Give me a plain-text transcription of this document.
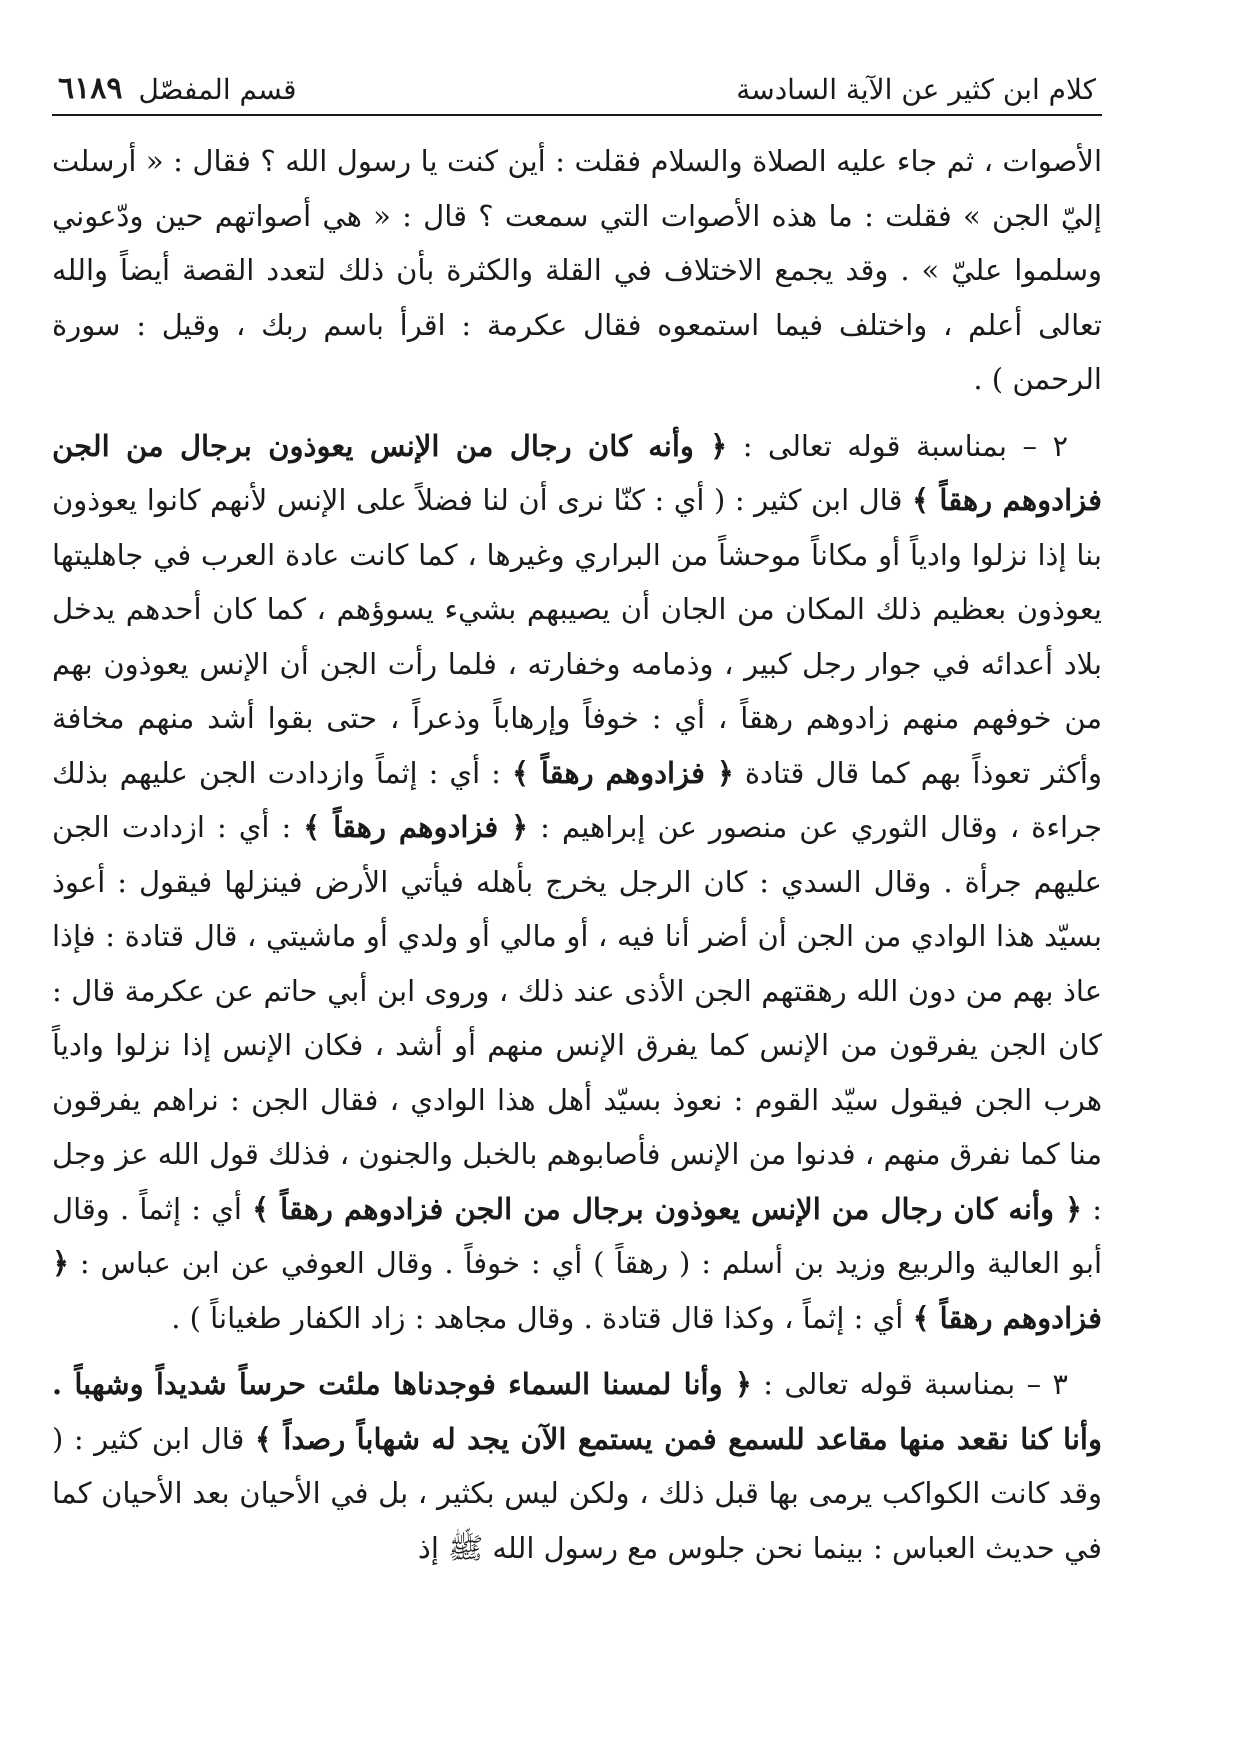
كلام ابن كثير عن الآية السادسة
قسم المفصّل
٦١٨٩

الأصوات ، ثم جاء عليه الصلاة والسلام فقلت : أين كنت يا رسول الله ؟ فقال : « أرسلت إليّ الجن » فقلت : ما هذه الأصوات التي سمعت ؟ قال : « هي أصواتهم حين ودّعوني وسلموا عليّ » . وقد يجمع الاختلاف في القلة والكثرة بأن ذلك لتعدد القصة أيضاً والله تعالى أعلم ، واختلف فيما استمعوه فقال عكرمة : اقرأ باسم ربك ، وقيل : سورة الرحمن ) .

٢ – بمناسبة قوله تعالى : ﴿ وأنه كان رجال من الإنس يعوذون برجال من الجن فزادوهم رهقاً ﴾ قال ابن كثير : ( أي : كنّا نرى أن لنا فضلاً على الإنس لأنهم كانوا يعوذون بنا إذا نزلوا وادياً أو مكاناً موحشاً من البراري وغيرها ، كما كانت عادة العرب في جاهليتها يعوذون بعظيم ذلك المكان من الجان أن يصيبهم بشيء يسوؤهم ، كما كان أحدهم يدخل بلاد أعدائه في جوار رجل كبير ، وذمامه وخفارته ، فلما رأت الجن أن الإنس يعوذون بهم من خوفهم منهم زادوهم رهقاً ، أي : خوفاً وإرهاباً وذعراً ، حتى بقوا أشد منهم مخافة وأكثر تعوذاً بهم كما قال قتادة ﴿ فزادوهم رهقاً ﴾ : أي : إثماً وازدادت الجن عليهم بذلك جراءة ، وقال الثوري عن منصور عن إبراهيم : ﴿ فزادوهم رهقاً ﴾ : أي : ازدادت الجن عليهم جرأة . وقال السدي : كان الرجل يخرج بأهله فيأتي الأرض فينزلها فيقول : أعوذ بسيّد هذا الوادي من الجن أن أضر أنا فيه ، أو مالي أو ولدي أو ماشيتي ، قال قتادة : فإذا عاذ بهم من دون الله رهقتهم الجن الأذى عند ذلك ، وروى ابن أبي حاتم عن عكرمة قال : كان الجن يفرقون من الإنس كما يفرق الإنس منهم أو أشد ، فكان الإنس إذا نزلوا وادياً هرب الجن فيقول سيّد القوم : نعوذ بسيّد أهل هذا الوادي ، فقال الجن : نراهم يفرقون منا كما نفرق منهم ، فدنوا من الإنس فأصابوهم بالخبل والجنون ، فذلك قول الله عز وجل : ﴿ وأنه كان رجال من الإنس يعوذون برجال من الجن فزادوهم رهقاً ﴾ أي : إثماً . وقال أبو العالية والربيع وزيد بن أسلم : ( رهقاً ) أي : خوفاً . وقال العوفي عن ابن عباس : ﴿ فزادوهم رهقاً ﴾ أي : إثماً ، وكذا قال قتادة . وقال مجاهد : زاد الكفار طغياناً ) .

٣ – بمناسبة قوله تعالى : ﴿ وأنا لمسنا السماء فوجدناها ملئت حرساً شديداً وشهباً . وأنا كنا نقعد منها مقاعد للسمع فمن يستمع الآن يجد له شهاباً رصداً ﴾ قال ابن كثير : ( وقد كانت الكواكب يرمى بها قبل ذلك ، ولكن ليس بكثير ، بل في الأحيان بعد الأحيان كما في حديث العباس : بينما نحن جلوس مع رسول الله ﷺ إذ
